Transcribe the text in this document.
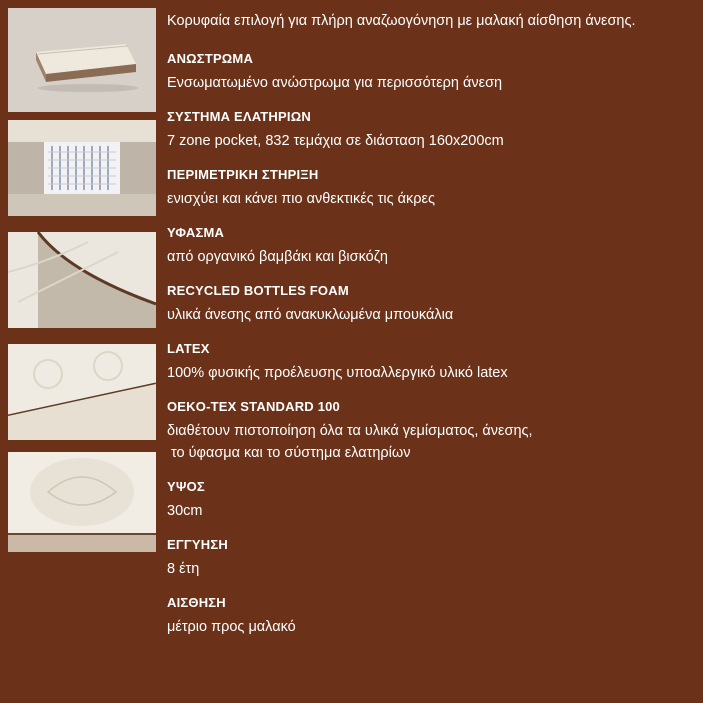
Κορυφαία επιλογή για πλήρη αναζωογόνηση με μαλακή αίσθηση άνεσης.
ΑΝΩΣΤΡΩΜΑ
Ενσωματωμένο ανώστρωμα για περισσότερη άνεση
ΣΥΣΤΗΜΑ ΕΛΑΤΗΡΙΩΝ
7 zone pocket, 832 τεμάχια σε διάσταση 160x200cm
ΠΕΡΙΜΕΤΡΙΚΗ ΣΤΗΡΙΞΗ
ενισχύει και κάνει πιο ανθεκτικές τις άκρες
ΥΦΑΣΜΑ
από οργανικό βαμβάκι και βισκόζη
RECYCLED BOTTLES FOAM
υλικά άνεσης από ανακυκλωμένα μπουκάλια
LATEX
100% φυσικής προέλευσης υποαλλεργικό υλικό latex
OEKO-TEX STANDARD 100
διαθέτουν πιστοποίηση όλα τα υλικά γεμίσματος, άνεσης,
το ύφασμα και το σύστημα ελατηρίων
ΥΨΟΣ
30cm
ΕΓΓΥΗΣΗ
8 έτη
ΑΙΣΘΗΣΗ
μέτριο προς μαλακό
